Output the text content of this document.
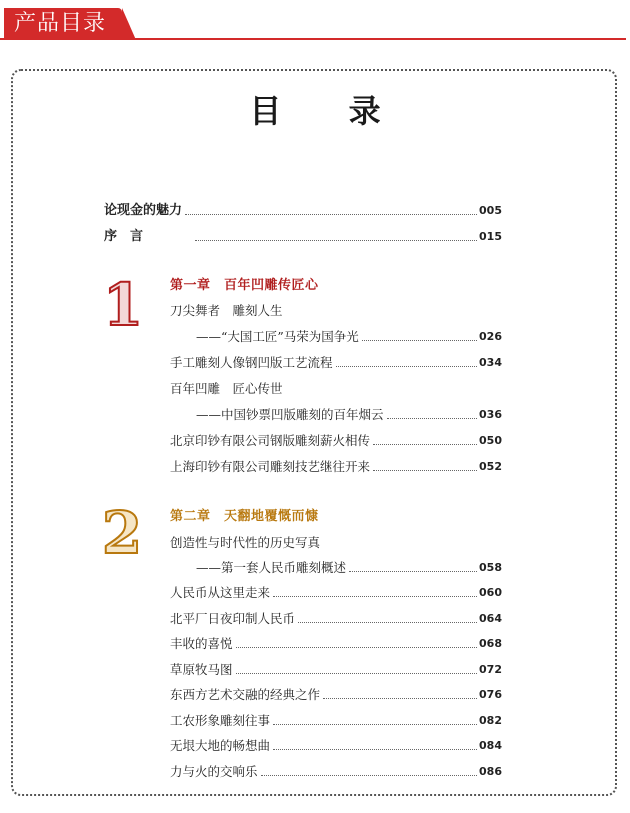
产品目录
目 录
论现金的魅力	005
序　言	015
1 第一章　百年凹雕传匠心
刀尖舞者　雕刻人生
——“大国工匠”马荣为国争光	026
手工雕刻人像钢凹版工艺流程	034
百年凹雕　匠心传世
——中国钞票凹版雕刻的百年烟云	036
北京印钞有限公司钢版雕刻薪火相传	050
上海印钞有限公司雕刻技艺继往开来	052
2 第二章　天翻地覆慨而慷
创造性与时代性的历史写真
——第一套人民币雕刻概述	058
人民币从这里走来	060
北平厂日夜印制人民币	064
丰收的喜悦	068
草原牧马图	072
东西方艺术交融的经典之作	076
工农形象雕刻往事	082
无垠大地的畅想曲	084
力与火的交响乐	086
